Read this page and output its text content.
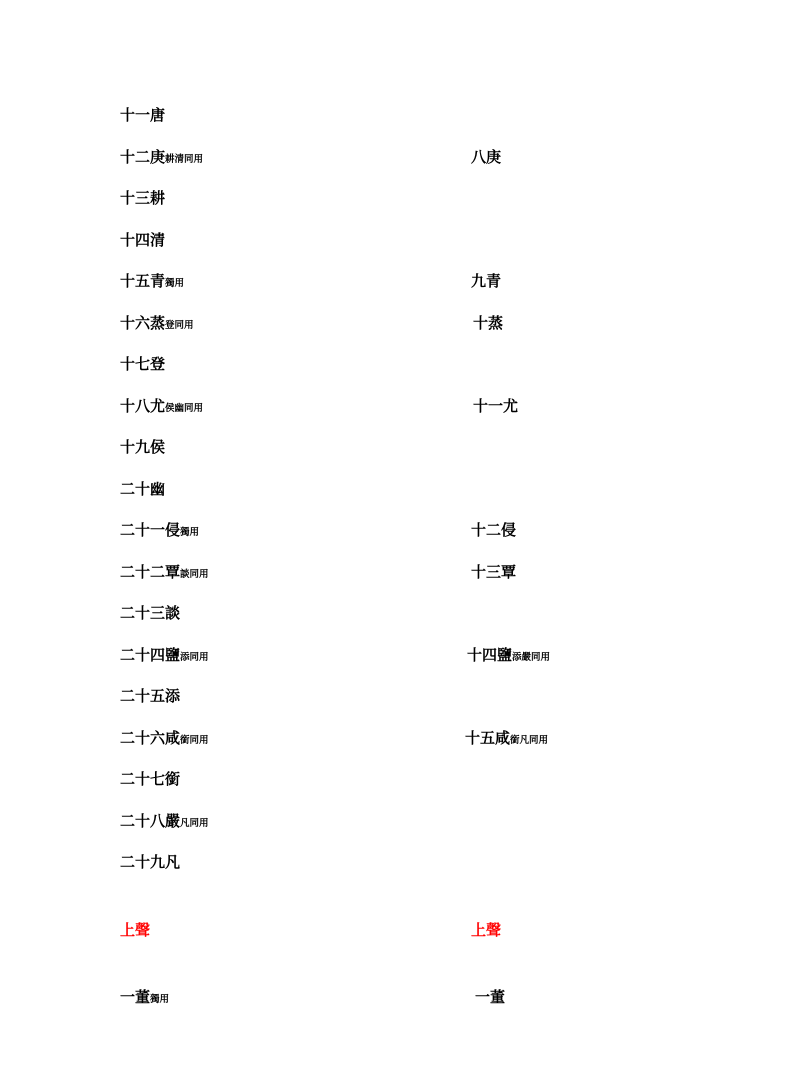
十一唐
十二庚耕清同用	八庚
十三耕
十四清
十五青獨用	九青
十六蒸登同用	十蒸
十七登
十八尤侯幽同用	十一尤
十九侯
二十幽
二十一侵獨用	十二侵
二十二覃談同用	十三覃
二十三談
二十四鹽添同用	十四鹽添嚴同用
二十五添
二十六咸銜同用	十五咸銜凡同用
二十七銜
二十八嚴凡同用
二十九凡
上聲	上聲
一董獨用	一董
